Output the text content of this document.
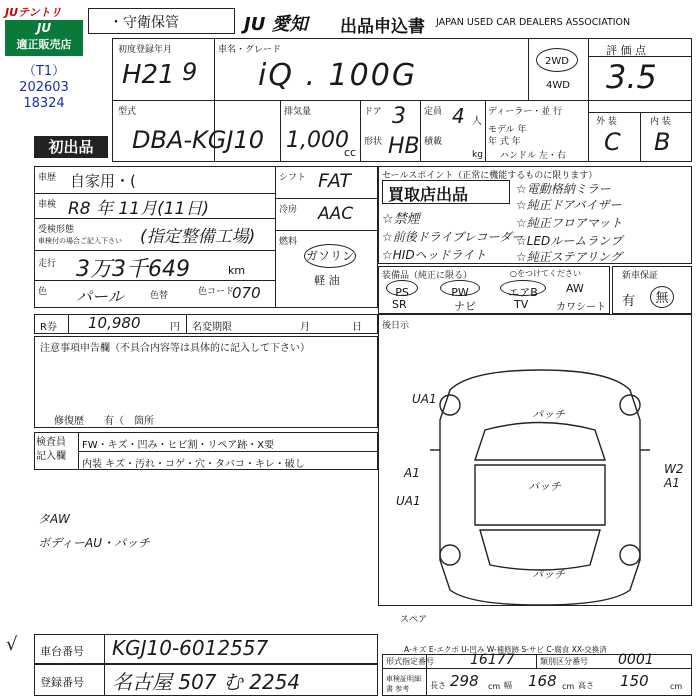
JUテントリ
JU
適正販売店
（T1）
202603
18324
・守衛保管	JU 愛知 出品申込書 JAPAN USED CAR DEALERS ASSOCIATION
初度登録年月
H21 9
車名・グレード
iQ . 100G	2WD
4WD
評 価 点
3.5
型式
DBA-KGJ10
排気量
1,000
cc
ドア 3
形状 HB
定員 4 人
積載
kg
ディーラー・並 行
モデル 年
年 式 年
ハンドル 左・右
外 装	内 装
C B
初出品
車歴 自家用・(
車検 R8 年 11月(11日)
受検形態
車検付の場合ご記入下さい (指定整備工場)
走行 3万3千649	km
色 パール	色替	色コード
070
シフト FAT
冷房 AAC
燃料
ガソリン
軽 油
セールスポイント（正常に機能するものに限ります）
買取店出品	☆電動格納ミラー
☆純正ドアバイザー
☆純正フロアマット
☆LEDルームランプ
☆純正ステアリング
☆禁煙
☆前後ドライブレコーダー
☆HIDヘッドライト
装備品（純正に限る）	○をつけてください
PS	PW	エアB	AW
SR	ナビ	TV	カワシート
新車保証
有	無
R券 10,980	円 名変期限	月	日 後日示
注意事項申告欄（不具合内容等は具体的に記入して下さい）
修復歴　　有（　箇所
検査員
記入欄
FW・キズ・凹み・ヒビ割・リペア跡・X要
内装 キズ・汚れ・コゲ・穴・タバコ・キレ・破し
タAW
ボディーAU・パッチ
UA1
A1
UA1
W2
A1
パッチ
パッチ
パッチ
スペア
√ 車台番号 KGJ10-6012557
登録番号 名古屋 507 む 2254
A-キズ E-エクボ U-凹み W-補修跡 S-サビ C-腐食 XX-交換済
形式指定番号	16177	類別区分番号 0001
車検証明細書 参考	長さ 298 cm 幅 168 cm 高さ 150	cm
